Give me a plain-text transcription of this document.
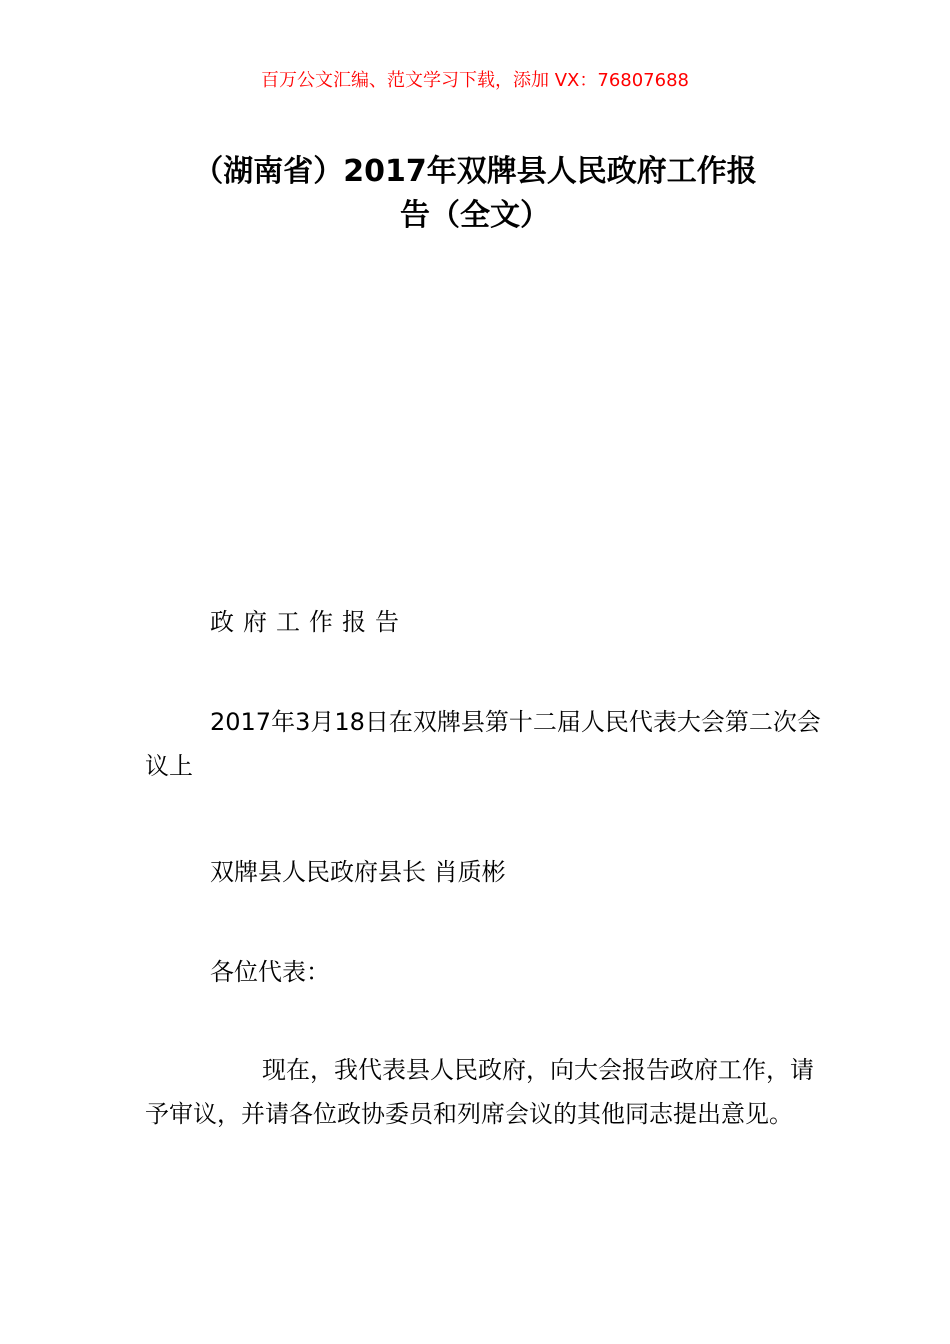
百万公文汇编、范文学习下载，添加 VX：76807688
（湖南省）2017年双牌县人民政府工作报
告（全文）
政府工作报告
2017年3月18日在双牌县第十二届人民代表大会第二次会议上
双牌县人民政府县长 肖质彬
各位代表：
现在，我代表县人民政府，向大会报告政府工作，请予审议，并请各位政协委员和列席会议的其他同志提出意见。
